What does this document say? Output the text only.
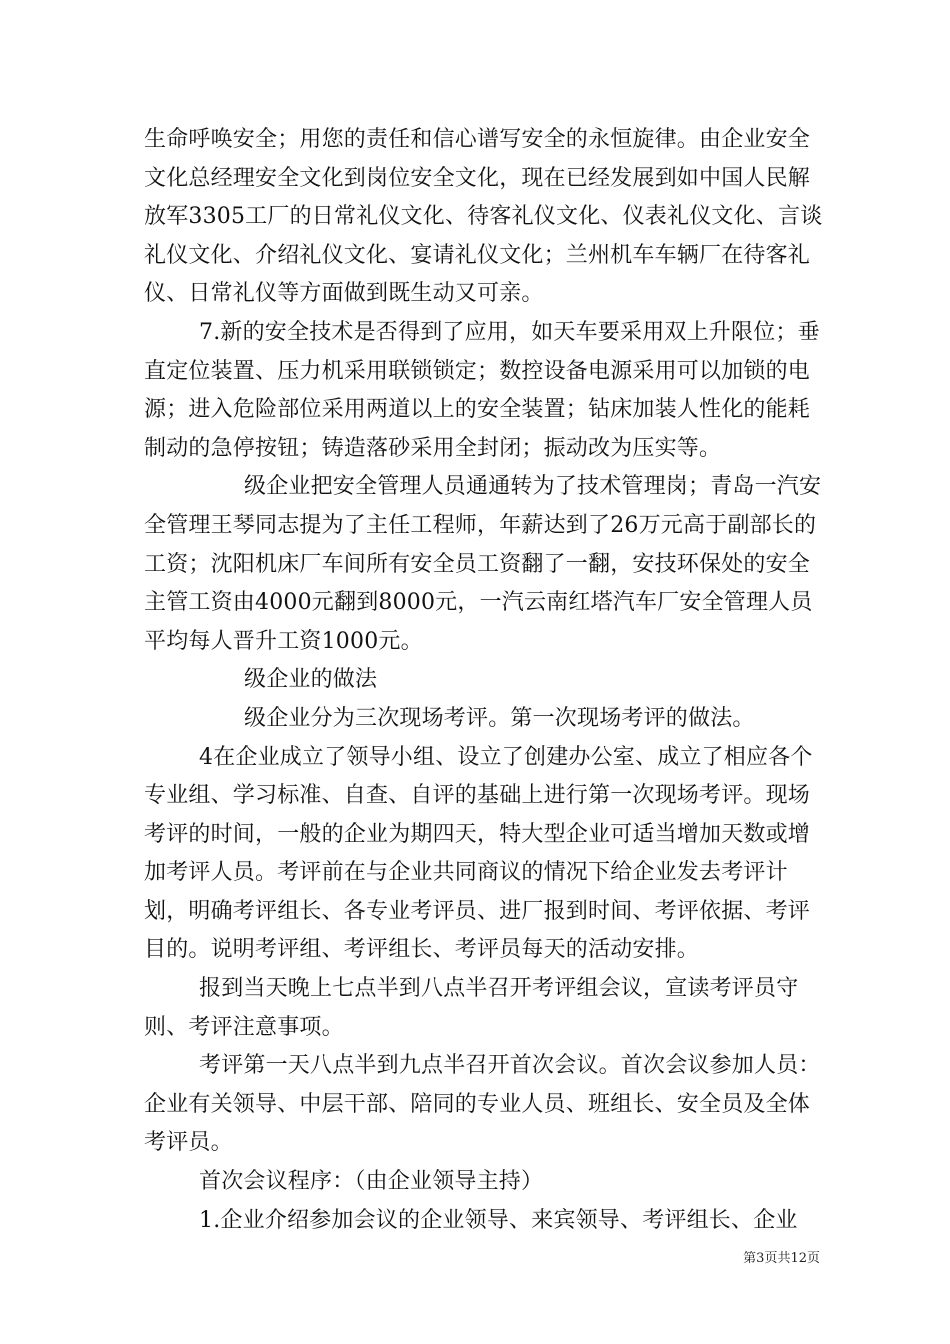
生命呼唤安全；用您的责任和信心谱写安全的永恒旋律。由企业安全文化总经理安全文化到岗位安全文化，现在已经发展到如中国人民解放军3305工厂的日常礼仪文化、待客礼仪文化、仪表礼仪文化、言谈礼仪文化、介绍礼仪文化、宴请礼仪文化；兰州机车车辆厂在待客礼仪、日常礼仪等方面做到既生动又可亲。

7.新的安全技术是否得到了应用，如天车要采用双上升限位；垂直定位装置、压力机采用联锁锁定；数控设备电源采用可以加锁的电源；进入危险部位采用两道以上的安全装置；钻床加装人性化的能耗制动的急停按钮；铸造落砂采用全封闭；振动改为压实等。

级企业把安全管理人员通通转为了技术管理岗；青岛一汽安全管理王琴同志提为了主任工程师，年薪达到了26万元高于副部长的工资；沈阳机床厂车间所有安全员工资翻了一翻，安技环保处的安全主管工资由4000元翻到8000元，一汽云南红塔汽车厂安全管理人员平均每人晋升工资1000元。

级企业的做法

级企业分为三次现场考评。第一次现场考评的做法。

4在企业成立了领导小组、设立了创建办公室、成立了相应各个专业组、学习标准、自查、自评的基础上进行第一次现场考评。现场考评的时间，一般的企业为期四天，特大型企业可适当增加天数或增加考评人员。考评前在与企业共同商议的情况下给企业发去考评计划，明确考评组长、各专业考评员、进厂报到时间、考评依据、考评目的。说明考评组、考评组长、考评员每天的活动安排。

报到当天晚上七点半到八点半召开考评组会议，宣读考评员守则、考评注意事项。

考评第一天八点半到九点半召开首次会议。首次会议参加人员：企业有关领导、中层干部、陪同的专业人员、班组长、安全员及全体考评员。

首次会议程序：（由企业领导主持）

1.企业介绍参加会议的企业领导、来宾领导、考评组长、企业

第3页共12页
